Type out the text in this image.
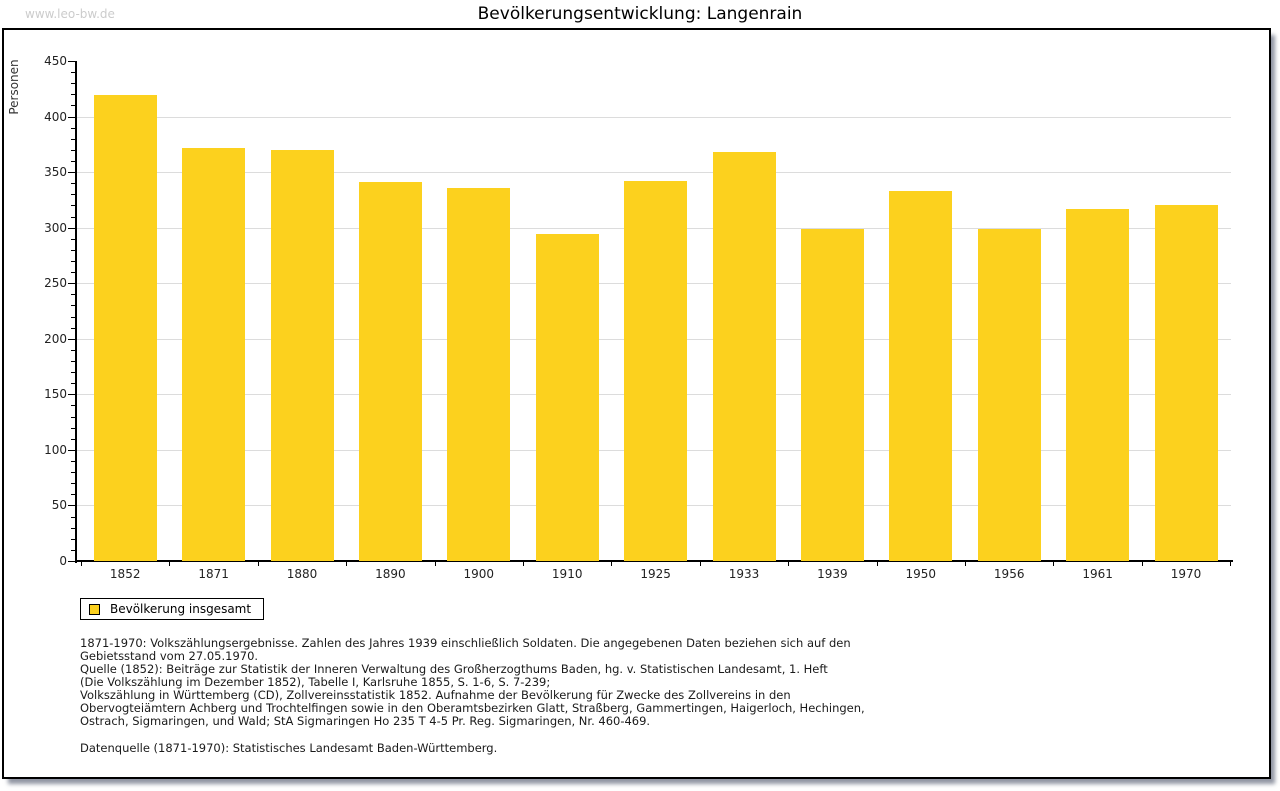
www.leo-bw.de	Bevölkerungsentwicklung: Langenrain
Personen
0
50
100
150
200
250
300
350
400
450
1852	1871	1880	1890	1900	1910	1925	1933	1939	1950	1956	1961	1970
Bevölkerung insgesamt
1871-1970: Volkszählungsergebnisse. Zahlen des Jahres 1939 einschließlich Soldaten. Die angegebenen Daten beziehen sich auf den
Gebietsstand vom 27.05.1970.
Quelle (1852): Beiträge zur Statistik der Inneren Verwaltung des Großherzogthums Baden, hg. v. Statistischen Landesamt, 1. Heft
(Die Volkszählung im Dezember 1852), Tabelle I, Karlsruhe 1855, S. 1-6, S. 7-239;
Volkszählung in Württemberg (CD), Zollvereinsstatistik 1852. Aufnahme der Bevölkerung für Zwecke des Zollvereins in den
Obervogteiämtern Achberg und Trochtelfingen sowie in den Oberamtsbezirken Glatt, Straßberg, Gammertingen, Haigerloch, Hechingen,
Ostrach, Sigmaringen, und Wald; StA Sigmaringen Ho 235 T 4-5 Pr. Reg. Sigmaringen, Nr. 460-469.
Datenquelle (1871-1970): Statistisches Landesamt Baden-Württemberg.
